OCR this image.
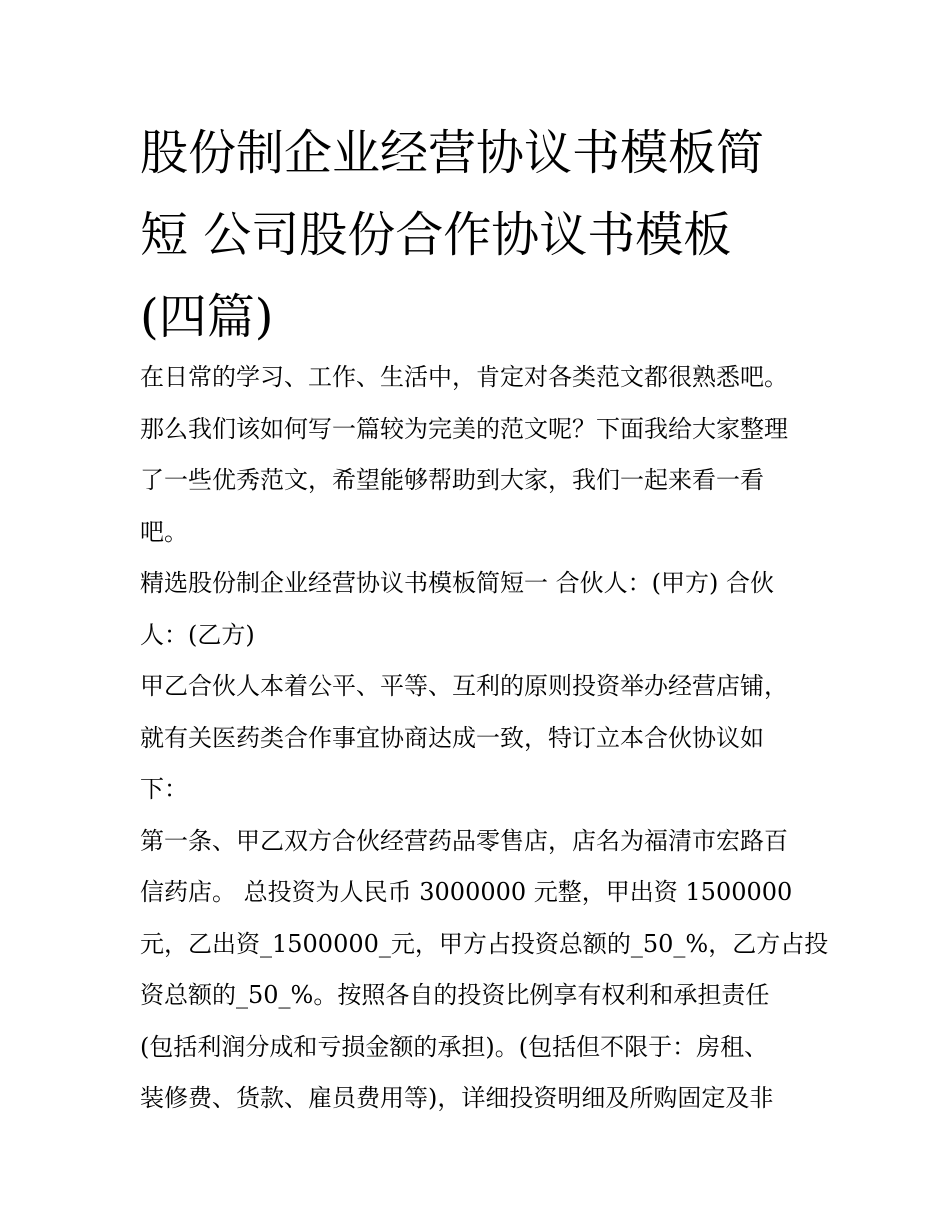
股份制企业经营协议书模板简
短 公司股份合作协议书模板
(四篇)
在日常的学习、工作、生活中，肯定对各类范文都很熟悉吧。
那么我们该如何写一篇较为完美的范文呢？下面我给大家整理
了一些优秀范文，希望能够帮助到大家，我们一起来看一看
吧。
精选股份制企业经营协议书模板简短一 合伙人：(甲方) 合伙
人：(乙方)
甲乙合伙人本着公平、平等、互利的原则投资举办经营店铺，
就有关医药类合作事宜协商达成一致，特订立本合伙协议如
下：
第一条、甲乙双方合伙经营药品零售店，店名为福清市宏路百
信药店。 总投资为人民币 3000000 元整，甲出资 1500000
元，乙出资_1500000_元，甲方占投资总额的_50_%，乙方占投
资总额的_50_%。按照各自的投资比例享有权利和承担责任
(包括利润分成和亏损金额的承担)。(包括但不限于：房租、
装修费、货款、雇员费用等)，详细投资明细及所购固定及非
